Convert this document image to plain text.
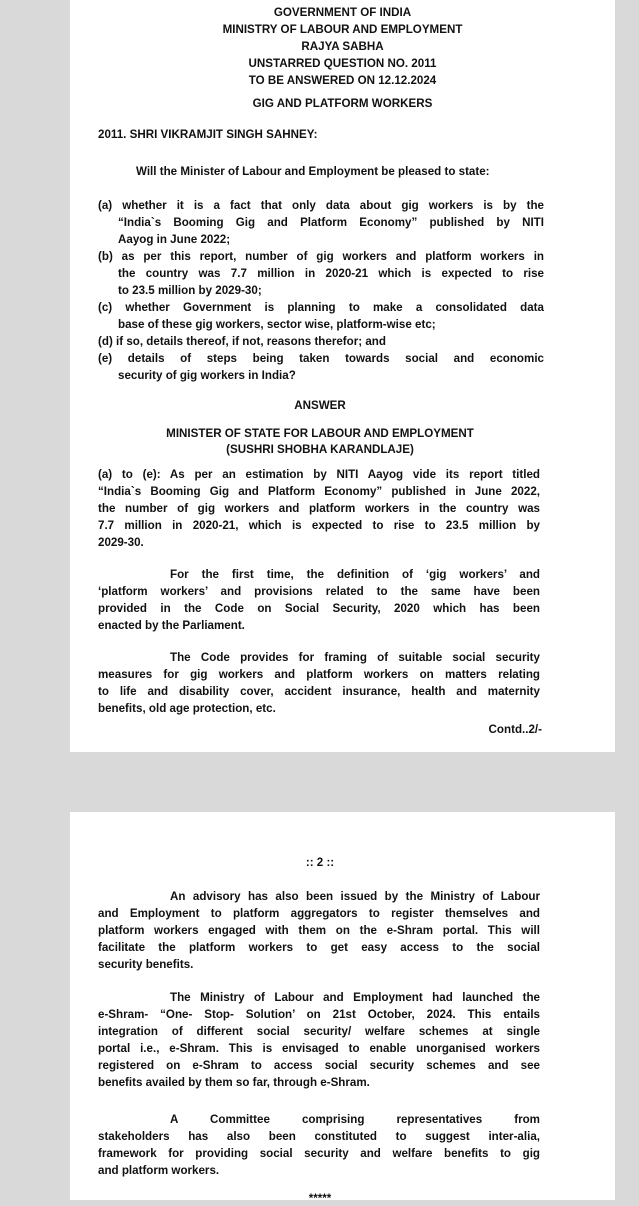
GOVERNMENT OF INDIA
MINISTRY OF LABOUR AND EMPLOYMENT
RAJYA SABHA
UNSTARRED QUESTION NO. 2011
TO BE ANSWERED ON 12.12.2024
GIG AND PLATFORM WORKERS
2011. SHRI VIKRAMJIT SINGH SAHNEY:
Will the Minister of Labour and Employment be pleased to state:
(a) whether it is a fact that only data about gig workers is by the
“India`s Booming Gig and Platform Economy” published by NITI
Aayog in June 2022;
(b) as per this report, number of gig workers and platform workers in
the country was 7.7 million in 2020-21 which is expected to rise
to 23.5 million by 2029-30;
(c) whether Government is planning to make a consolidated data
base of these gig workers, sector wise, platform-wise etc;
(d) if so, details thereof, if not, reasons therefor; and
(e) details of steps being taken towards social and economic
security of gig workers in India?
ANSWER
MINISTER OF STATE FOR LABOUR AND EMPLOYMENT
(SUSHRI SHOBHA KARANDLAJE)
(a) to (e): As per an estimation by NITI Aayog vide its report titled
“India`s Booming Gig and Platform Economy” published in June 2022,
the number of gig workers and platform workers in the country was
7.7 million in 2020-21, which is expected to rise to 23.5 million by
2029-30.
For the first time, the definition of ‘gig workers’ and
‘platform workers’ and provisions related to the same have been
provided in the Code on Social Security, 2020 which has been
enacted by the Parliament.
The Code provides for framing of suitable social security
measures for gig workers and platform workers on matters relating
to life and disability cover, accident insurance, health and maternity
benefits, old age protection, etc.
Contd..2/-
:: 2 ::
An advisory has also been issued by the Ministry of Labour
and Employment to platform aggregators to register themselves and
platform workers engaged with them on the e-Shram portal. This will
facilitate the platform workers to get easy access to the social
security benefits.
The Ministry of Labour and Employment had launched the
e-Shram- “One- Stop- Solution’ on 21st October, 2024. This entails
integration of different social security/ welfare schemes at single
portal i.e., e-Shram. This is envisaged to enable unorganised workers
registered on e-Shram to access social security schemes and see
benefits availed by them so far, through e-Shram.
A     Committee     comprising     representatives     from
stakeholders has also been constituted to suggest inter-alia,
framework for providing social security and welfare benefits to gig
and platform workers.
*****
